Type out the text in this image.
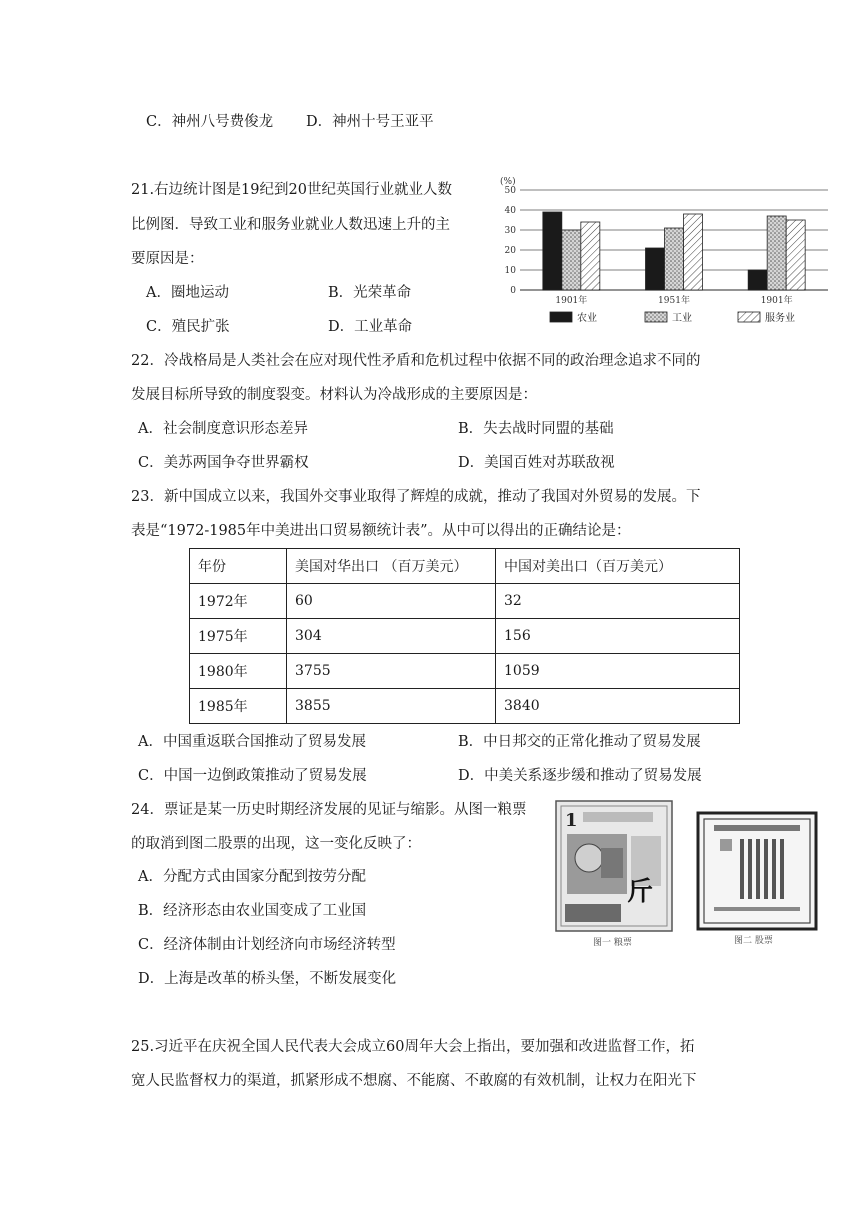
C．神州八号费俊龙 D．神州十号王亚平
21.右边统计图是19纪到20世纪英国行业就业人数
比例图．导致工业和服务业就业人数迅速上升的主
要原因是：
A．圈地运动	B．光荣革命
C．殖民扩张	D．工业革命
(%)
0
10
20
30
40
50
1901年	1951年	1901年
农业	工业	服务业
22．冷战格局是人类社会在应对现代性矛盾和危机过程中依据不同的政治理念追求不同的
发展目标所导致的制度裂变。材料认为冷战形成的主要原因是：
A．社会制度意识形态差异	B．失去战时同盟的基础
C．美苏两国争夺世界霸权	D．美国百姓对苏联敌视
23．新中国成立以来，我国外交事业取得了辉煌的成就，推动了我国对外贸易的发展。下
表是“1972-1985年中美进出口贸易额统计表”。从中可以得出的正确结论是：
年份	美国对华出口 （百万美元）	中国对美出口（百万美元）
1972年	60	32
1975年	304	156
1980年	3755	1059
1985年	3855	3840
A．中国重返联合国推动了贸易发展	B．中日邦交的正常化推动了贸易发展
C．中国一边倒政策推动了贸易发展	D．中美关系逐步缓和推动了贸易发展
24．票证是某一历史时期经济发展的见证与缩影。从图一粮票
的取消到图二股票的出现，这一变化反映了：
A．分配方式由国家分配到按劳分配
B．经济形态由农业国变成了工业国
C．经济体制由计划经济向市场经济转型
D．上海是改革的桥头堡，不断发展变化
1
斤
图一 粮票	图二 股票
25.习近平在庆祝全国人民代表大会成立60周年大会上指出，要加强和改进监督工作，拓
宽人民监督权力的渠道，抓紧形成不想腐、不能腐、不敢腐的有效机制，让权力在阳光下
